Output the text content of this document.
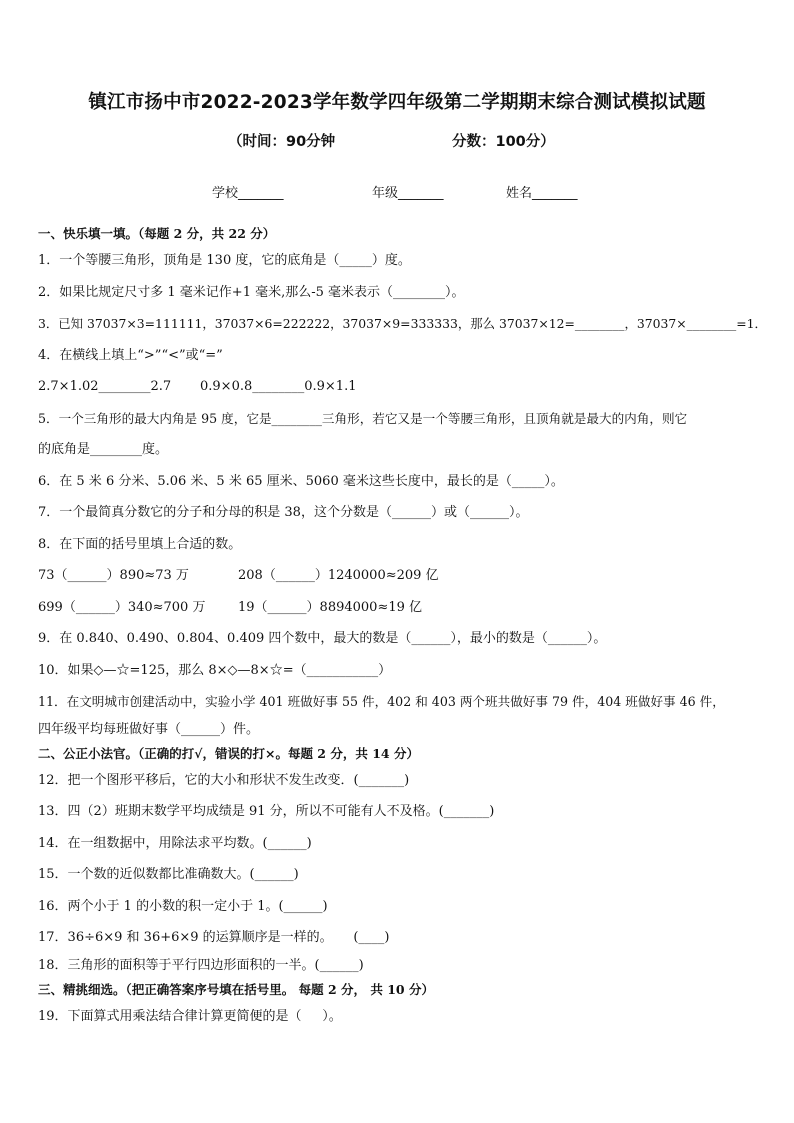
镇江市扬中市2022-2023学年数学四年级第二学期期末综合测试模拟试题
（时间：90分钟	分数：100分）
学校_______	年级_______	姓名_______
一、快乐填一填。（每题 2 分，共 22 分）
1．一个等腰三角形，顶角是 130 度，它的底角是（_____）度。
2．如果比规定尺寸多 1 毫米记作+1 毫米,那么-5 毫米表示（________）。
3．已知 37037×3=111111，37037×6=222222，37037×9=333333，那么 37037×12=________，37037×________=1．
4．在横线上填上“>”“<”或“=”
2.7×1.02________2.7 0.9×0.8________0.9×1.1
5．一个三角形的最大内角是 95 度，它是________三角形，若它又是一个等腰三角形，且顶角就是最大的内角，则它
的底角是________度。
6．在 5 米 6 分米、5.06 米、5 米 65 厘米、5060 毫米这些长度中，最长的是（_____）。
7．一个最简真分数它的分子和分母的积是 38，这个分数是（______）或（______）。
8．在下面的括号里填上合适的数。
73（______）890≈73 万	208（______）1240000≈209 亿
699（______）340≈700 万	19（______）8894000≈19 亿
9．在 0.840、0.490、0.804、0.409 四个数中，最大的数是（______），最小的数是（______）。
10．如果◇—☆=125，那么 8×◇—8×☆=（___________）
11．在文明城市创建活动中，实验小学 401 班做好事 55 件，402 和 403 两个班共做好事 79 件，404 班做好事 46 件，
四年级平均每班做好事（______）件。
二、公正小法官。（正确的打√，错误的打×。每题 2 分，共 14 分）
12．把一个图形平移后，它的大小和形状不发生改变．(_______)
13．四（2）班期末数学平均成绩是 91 分，所以不可能有人不及格。(_______)
14．在一组数据中，用除法求平均数。(______)
15．一个数的近似数都比准确数大。(______)
16．两个小于 1 的小数的积一定小于 1。(______)
17．36÷6×9 和 36+6×9 的运算顺序是一样的。     (____)
18．三角形的面积等于平行四边形面积的一半。(______)
三、精挑细选。（把正确答案序号填在括号里。 每题 2 分， 共 10 分）
19．下面算式用乘法结合律计算更简便的是（     ）。
